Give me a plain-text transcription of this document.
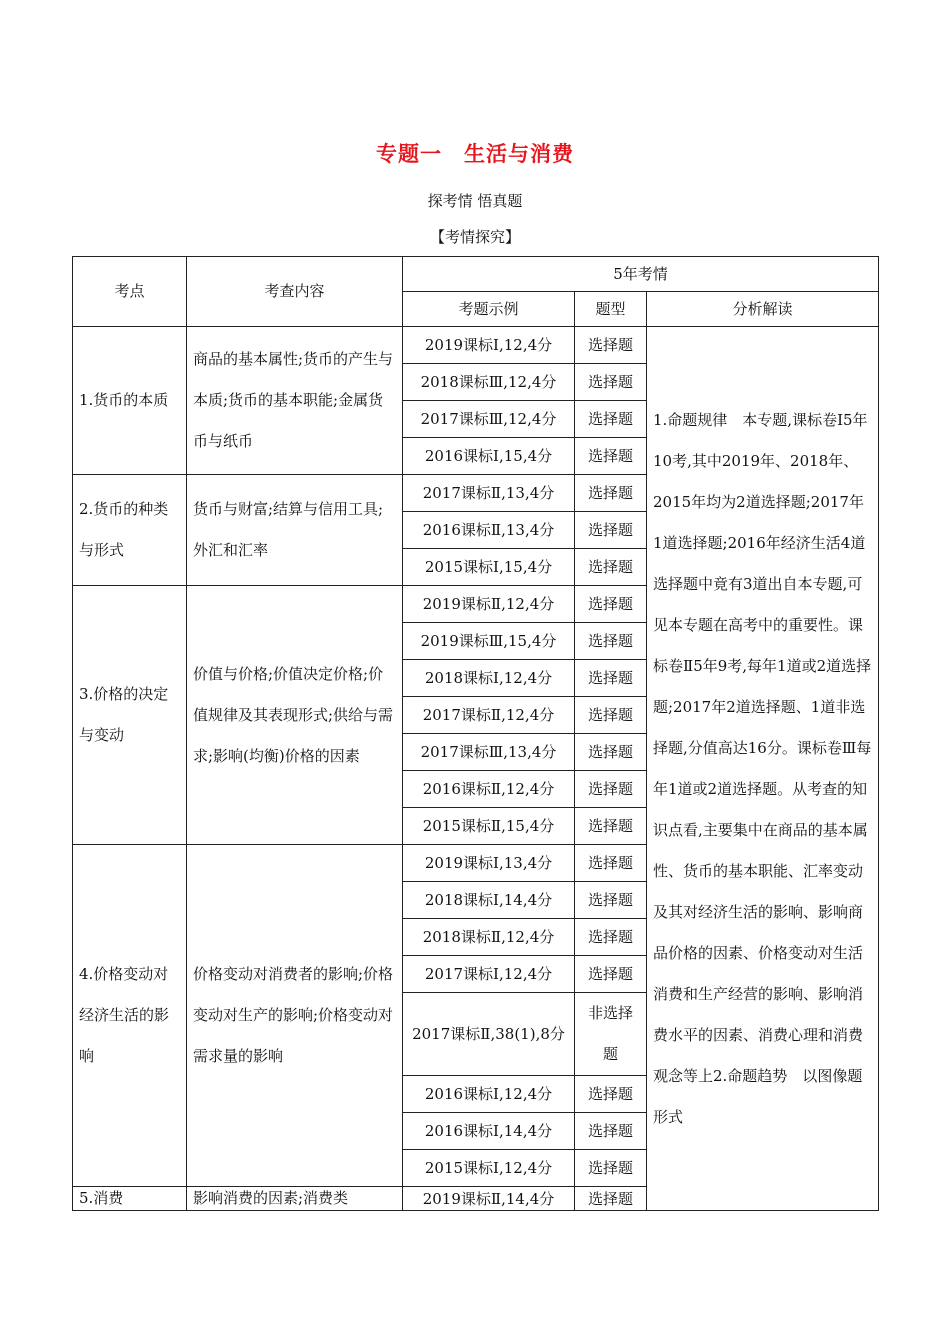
专题一　生活与消费
探考情 悟真题
【考情探究】
考点	考查内容	5年考情		
		考题示例	题型	分析解读
1.货币的本质	商品的基本属性;货币的产生与本质;货币的基本职能;金属货币与纸币	2019课标Ⅰ,12,4分	选择题	1.命题规律　本专题,课标卷Ⅰ5年10考,其中2019年、2018年、2015年均为2道选择题;2017年1道选择题;2016年经济生活4道选择题中竟有3道出自本专题,可见本专题在高考中的重要性。课标卷Ⅱ5年9考,每年1道或2道选择题;2017年2道选择题、1道非选择题,分值高达16分。课标卷Ⅲ每年1道或2道选择题。从考查的知识点看,主要集中在商品的基本属性、货币的基本职能、汇率变动及其对经济生活的影响、影响商品价格的因素、价格变动对生活消费和生产经营的影响、影响消费水平的因素、消费心理和消费观念等上2.命题趋势　以图像题形式
		2018课标Ⅲ,12,4分	选择题	
		2017课标Ⅲ,12,4分	选择题	
		2016课标Ⅰ,15,4分	选择题	
2.货币的种类与形式	货币与财富;结算与信用工具;外汇和汇率	2017课标Ⅱ,13,4分	选择题	
		2016课标Ⅱ,13,4分	选择题	
		2015课标Ⅰ,15,4分	选择题	
3.价格的决定与变动	价值与价格;价值决定价格;价值规律及其表现形式;供给与需求;影响(均衡)价格的因素	2019课标Ⅱ,12,4分	选择题	
		2019课标Ⅲ,15,4分	选择题	
		2018课标Ⅰ,12,4分	选择题	
		2017课标Ⅱ,12,4分	选择题	
		2017课标Ⅲ,13,4分	选择题	
		2016课标Ⅱ,12,4分	选择题	
		2015课标Ⅱ,15,4分	选择题	
4.价格变动对经济生活的影响	价格变动对消费者的影响;价格变动对生产的影响;价格变动对需求量的影响	2019课标Ⅰ,13,4分	选择题	
		2018课标Ⅰ,14,4分	选择题	
		2018课标Ⅱ,12,4分	选择题	
		2017课标Ⅰ,12,4分	选择题	
		2017课标Ⅱ,38(1),8分	非选择题	
		2016课标Ⅰ,12,4分	选择题	
		2016课标Ⅰ,14,4分	选择题	
		2015课标Ⅰ,12,4分	选择题	
5.消费	影响消费的因素;消费类	2019课标Ⅱ,14,4分	选择题	
